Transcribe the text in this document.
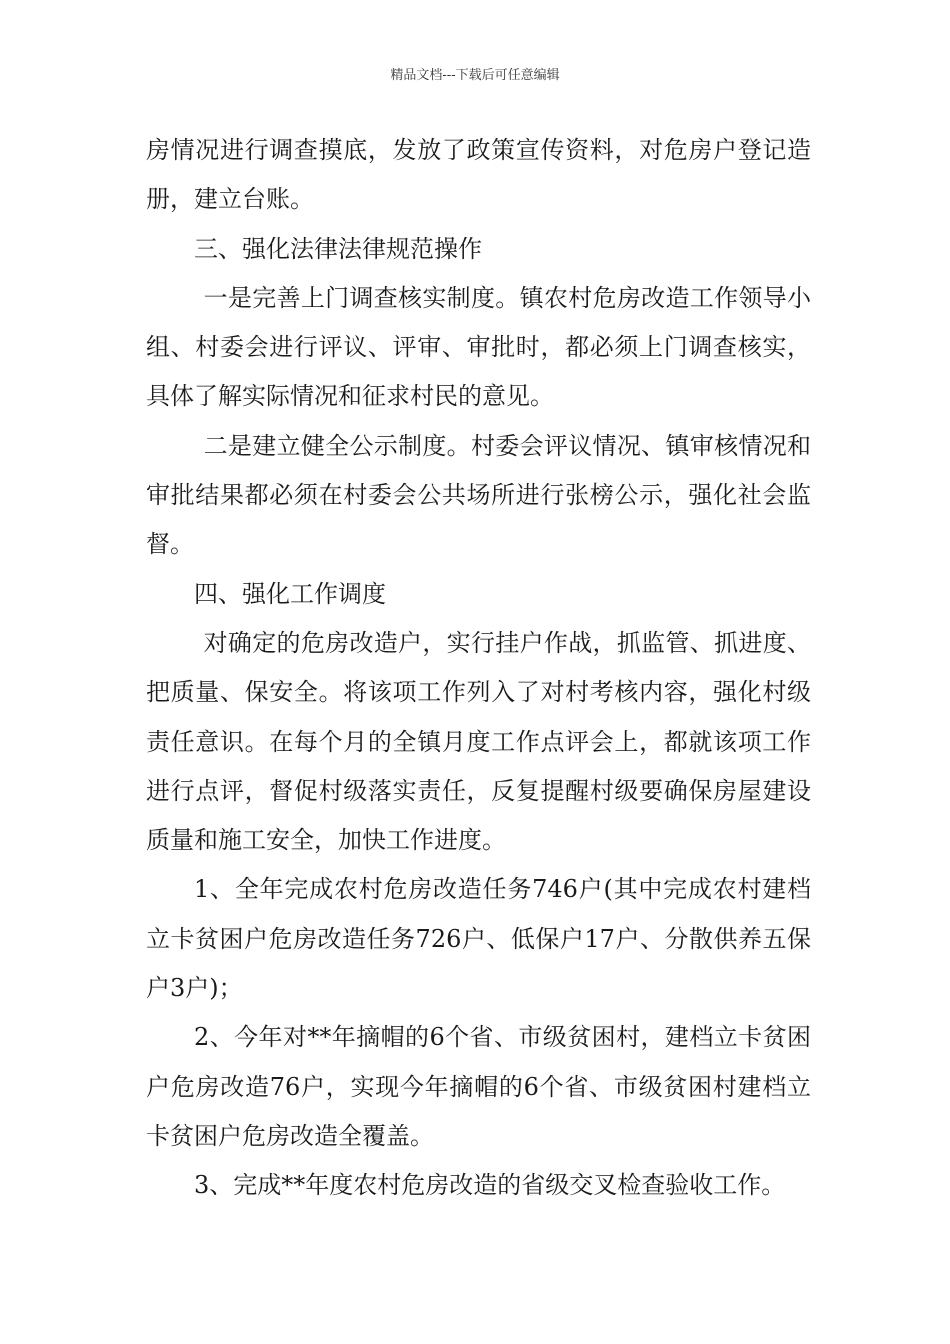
精品文档---下载后可任意编辑

房情况进行调查摸底，发放了政策宣传资料，对危房户登记造册，建立台账。

三、强化法律法律规范操作

一是完善上门调查核实制度。镇农村危房改造工作领导小组、村委会进行评议、评审、审批时，都必须上门调查核实，具体了解实际情况和征求村民的意见。

二是建立健全公示制度。村委会评议情况、镇审核情况和审批结果都必须在村委会公共场所进行张榜公示，强化社会监督。

四、强化工作调度

对确定的危房改造户，实行挂户作战，抓监管、抓进度、把质量、保安全。将该项工作列入了对村考核内容，强化村级责任意识。在每个月的全镇月度工作点评会上，都就该项工作进行点评，督促村级落实责任，反复提醒村级要确保房屋建设质量和施工安全，加快工作进度。

1、全年完成农村危房改造任务746户(其中完成农村建档立卡贫困户危房改造任务726户、低保户17户、分散供养五保户3户)；

2、今年对**年摘帽的6个省、市级贫困村，建档立卡贫困户危房改造76户，实现今年摘帽的6个省、市级贫困村建档立卡贫困户危房改造全覆盖。

3、完成**年度农村危房改造的省级交叉检查验收工作。
